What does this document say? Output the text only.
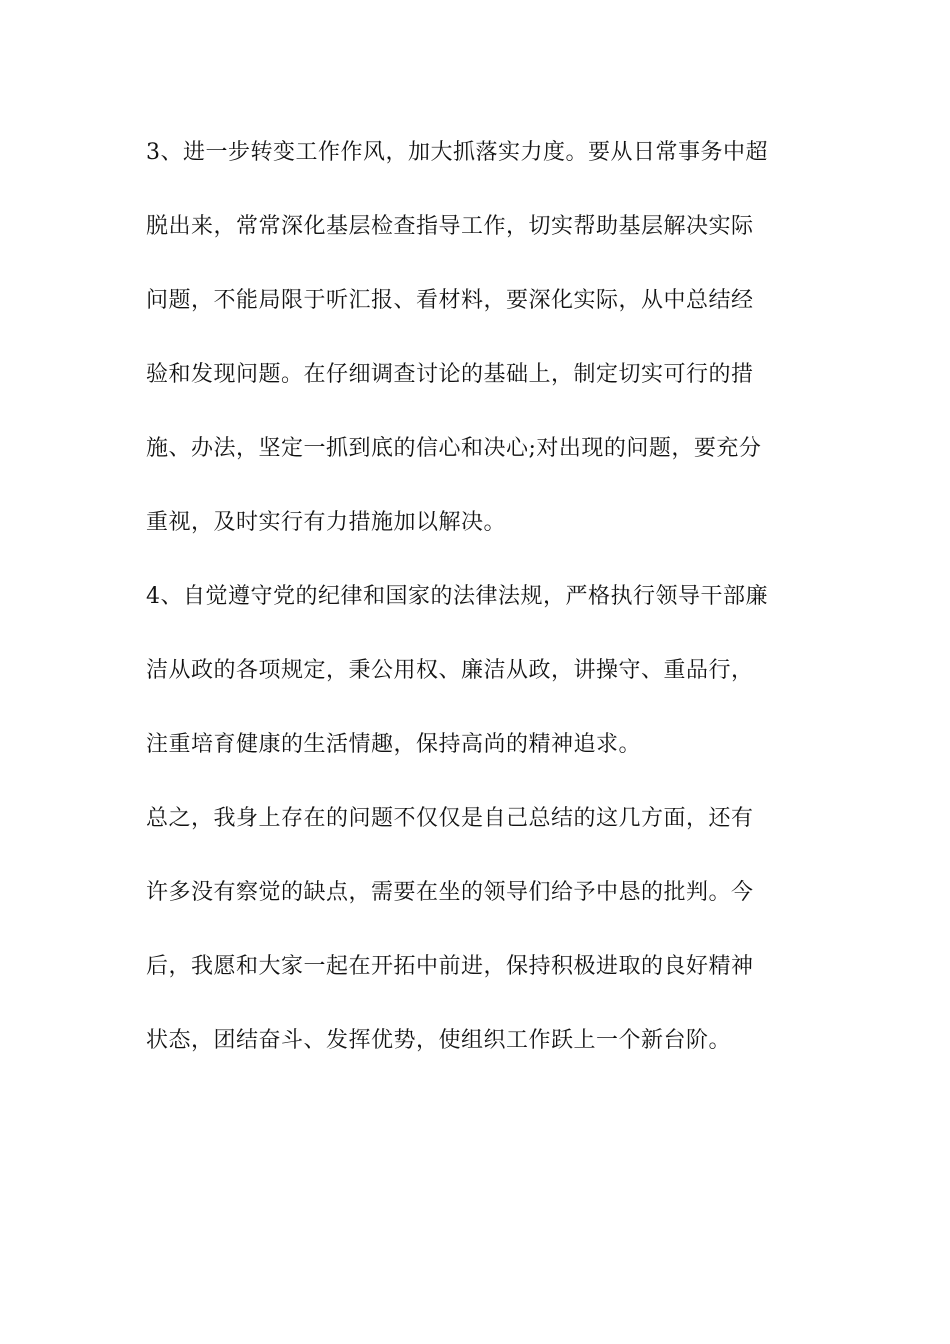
3、进一步转变工作作风，加大抓落实力度。要从日常事务中超
脱出来，常常深化基层检查指导工作，切实帮助基层解决实际
问题，不能局限于听汇报、看材料，要深化实际，从中总结经
验和发现问题。在仔细调查讨论的基础上，制定切实可行的措
施、办法，坚定一抓到底的信心和决心;对出现的问题，要充分
重视，及时实行有力措施加以解决。
4、自觉遵守党的纪律和国家的法律法规，严格执行领导干部廉
洁从政的各项规定，秉公用权、廉洁从政，讲操守、重品行，
注重培育健康的生活情趣，保持高尚的精神追求。
总之，我身上存在的问题不仅仅是自己总结的这几方面，还有
许多没有察觉的缺点，需要在坐的领导们给予中恳的批判。今
后，我愿和大家一起在开拓中前进，保持积极进取的良好精神
状态，团结奋斗、发挥优势，使组织工作跃上一个新台阶。
